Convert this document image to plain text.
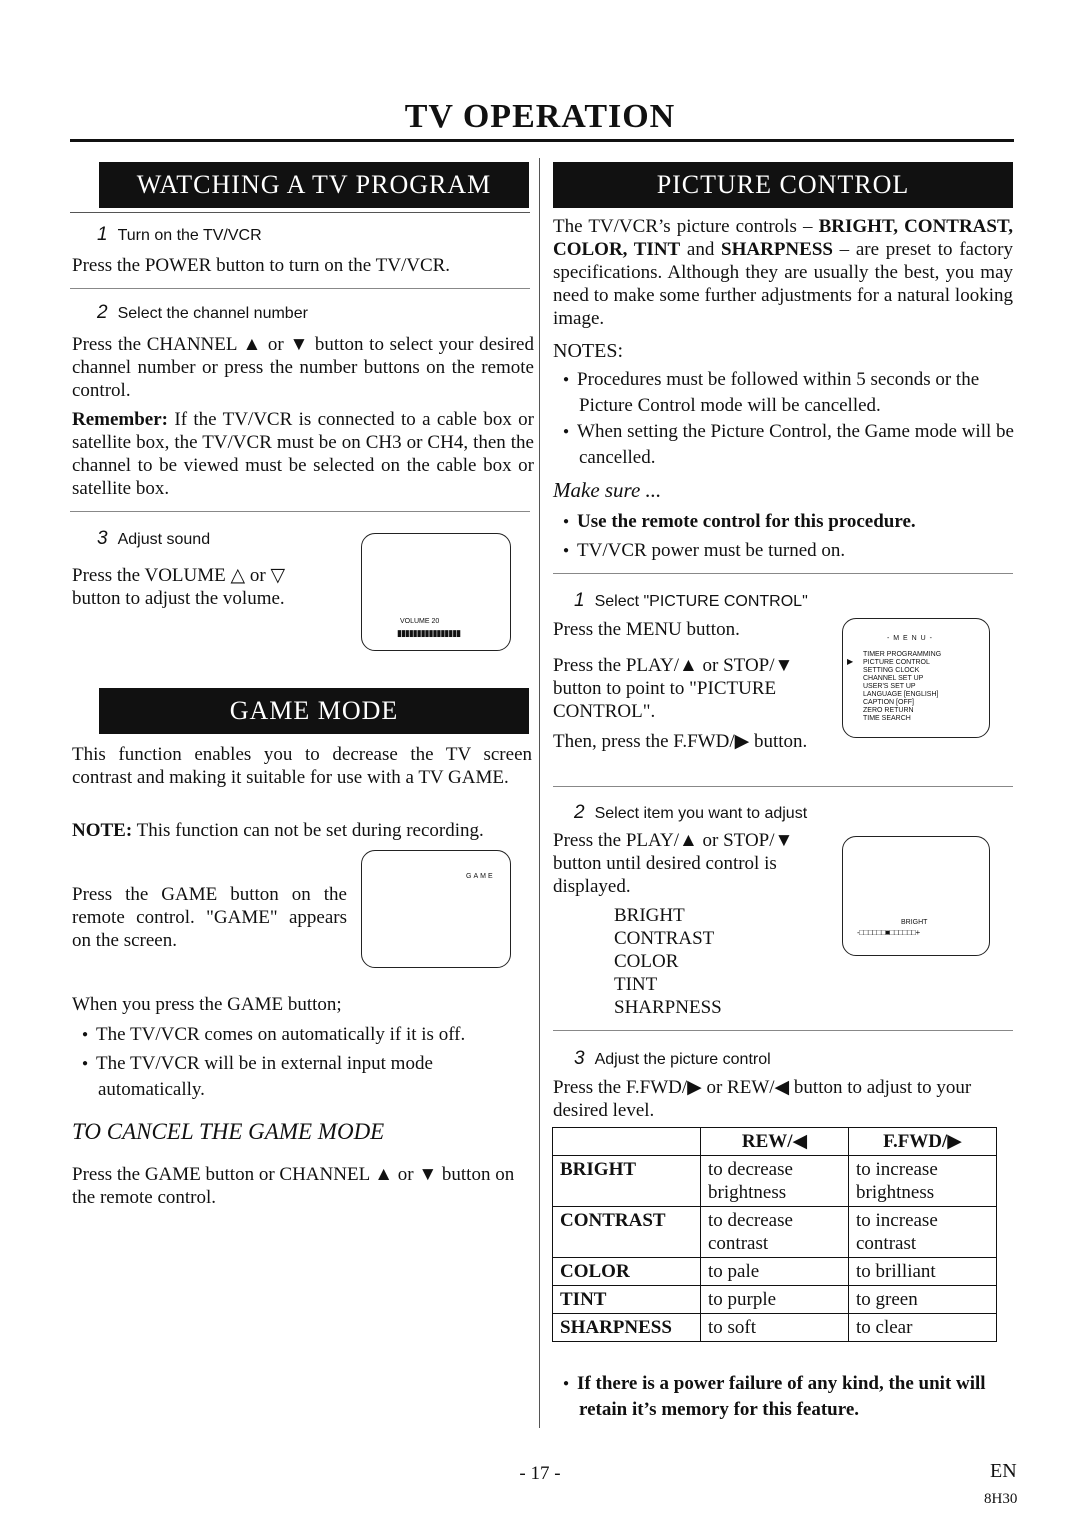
TV OPERATION
WATCHING A TV PROGRAM
1 Turn on the TV/VCR
Press the POWER button to turn on the TV/VCR.
2 Select the channel number
Press the CHANNEL ▲ or ▼ button to select your desired channel number or press the number buttons on the remote control.
Remember: If the TV/VCR is connected to a cable box or satellite box, the TV/VCR must be on CH3 or CH4, then the channel to be viewed must be selected on the cable box or satellite box.
3 Adjust sound
Press the VOLUME △ or ▽
button to adjust the volume.
VOLUME 20
▮▮▮▮▮▮▮▮▮▮▮▮▮▮▮▮
GAME MODE
This function enables you to decrease the TV screen contrast and making it suitable for use with a TV GAME.
NOTE: This function can not be set during recording.
Press the GAME button on the remote control. "GAME" appears on the screen.
GAME
When you press the GAME button;
● The TV/VCR comes on automatically if it is off.
● The TV/VCR will be in external input mode automatically.
TO CANCEL THE GAME MODE
Press the GAME button or CHANNEL ▲ or ▼ button on the remote control.
PICTURE CONTROL
The TV/VCR’s picture controls – BRIGHT, CONTRAST, COLOR, TINT and SHARPNESS – are preset to factory specifications. Although they are usually the best, you may need to make some further adjustments for a natural looking image.
NOTES:
● Procedures must be followed within 5 seconds or the Picture Control mode will be cancelled.
● When setting the Picture Control, the Game mode will be cancelled.
Make sure ...
● Use the remote control for this procedure.
● TV/VCR power must be turned on.
1 Select "PICTURE CONTROL"
Press the MENU button.
Press the PLAY/▲ or STOP/▼ button to point to "PICTURE CONTROL".
Then, press the F.FWD/▶ button.
- M E N U -
▶
TIMER PROGRAMMING
PICTURE CONTROL
SETTING CLOCK
CHANNEL SET UP
USER'S SET UP
LANGUAGE [ENGLISH]
CAPTION [OFF]
ZERO RETURN
TIME SEARCH
2 Select item you want to adjust
Press the PLAY/▲ or STOP/▼ button until desired control is displayed.
BRIGHT
CONTRAST
COLOR
TINT
SHARPNESS
BRIGHT
-□□□□□□■□□□□□□+
3 Adjust the picture control
Press the F.FWD/▶ or REW/◀ button to adjust to your desired level.
	REW/◀	F.FWD/▶
BRIGHT	to decrease brightness	to increase brightness
CONTRAST	to decrease contrast	to increase contrast
COLOR	to pale	to brilliant
TINT	to purple	to green
SHARPNESS	to soft	to clear
● If there is a power failure of any kind, the unit will retain it’s memory for this feature.
- 17 -	EN
8H30
